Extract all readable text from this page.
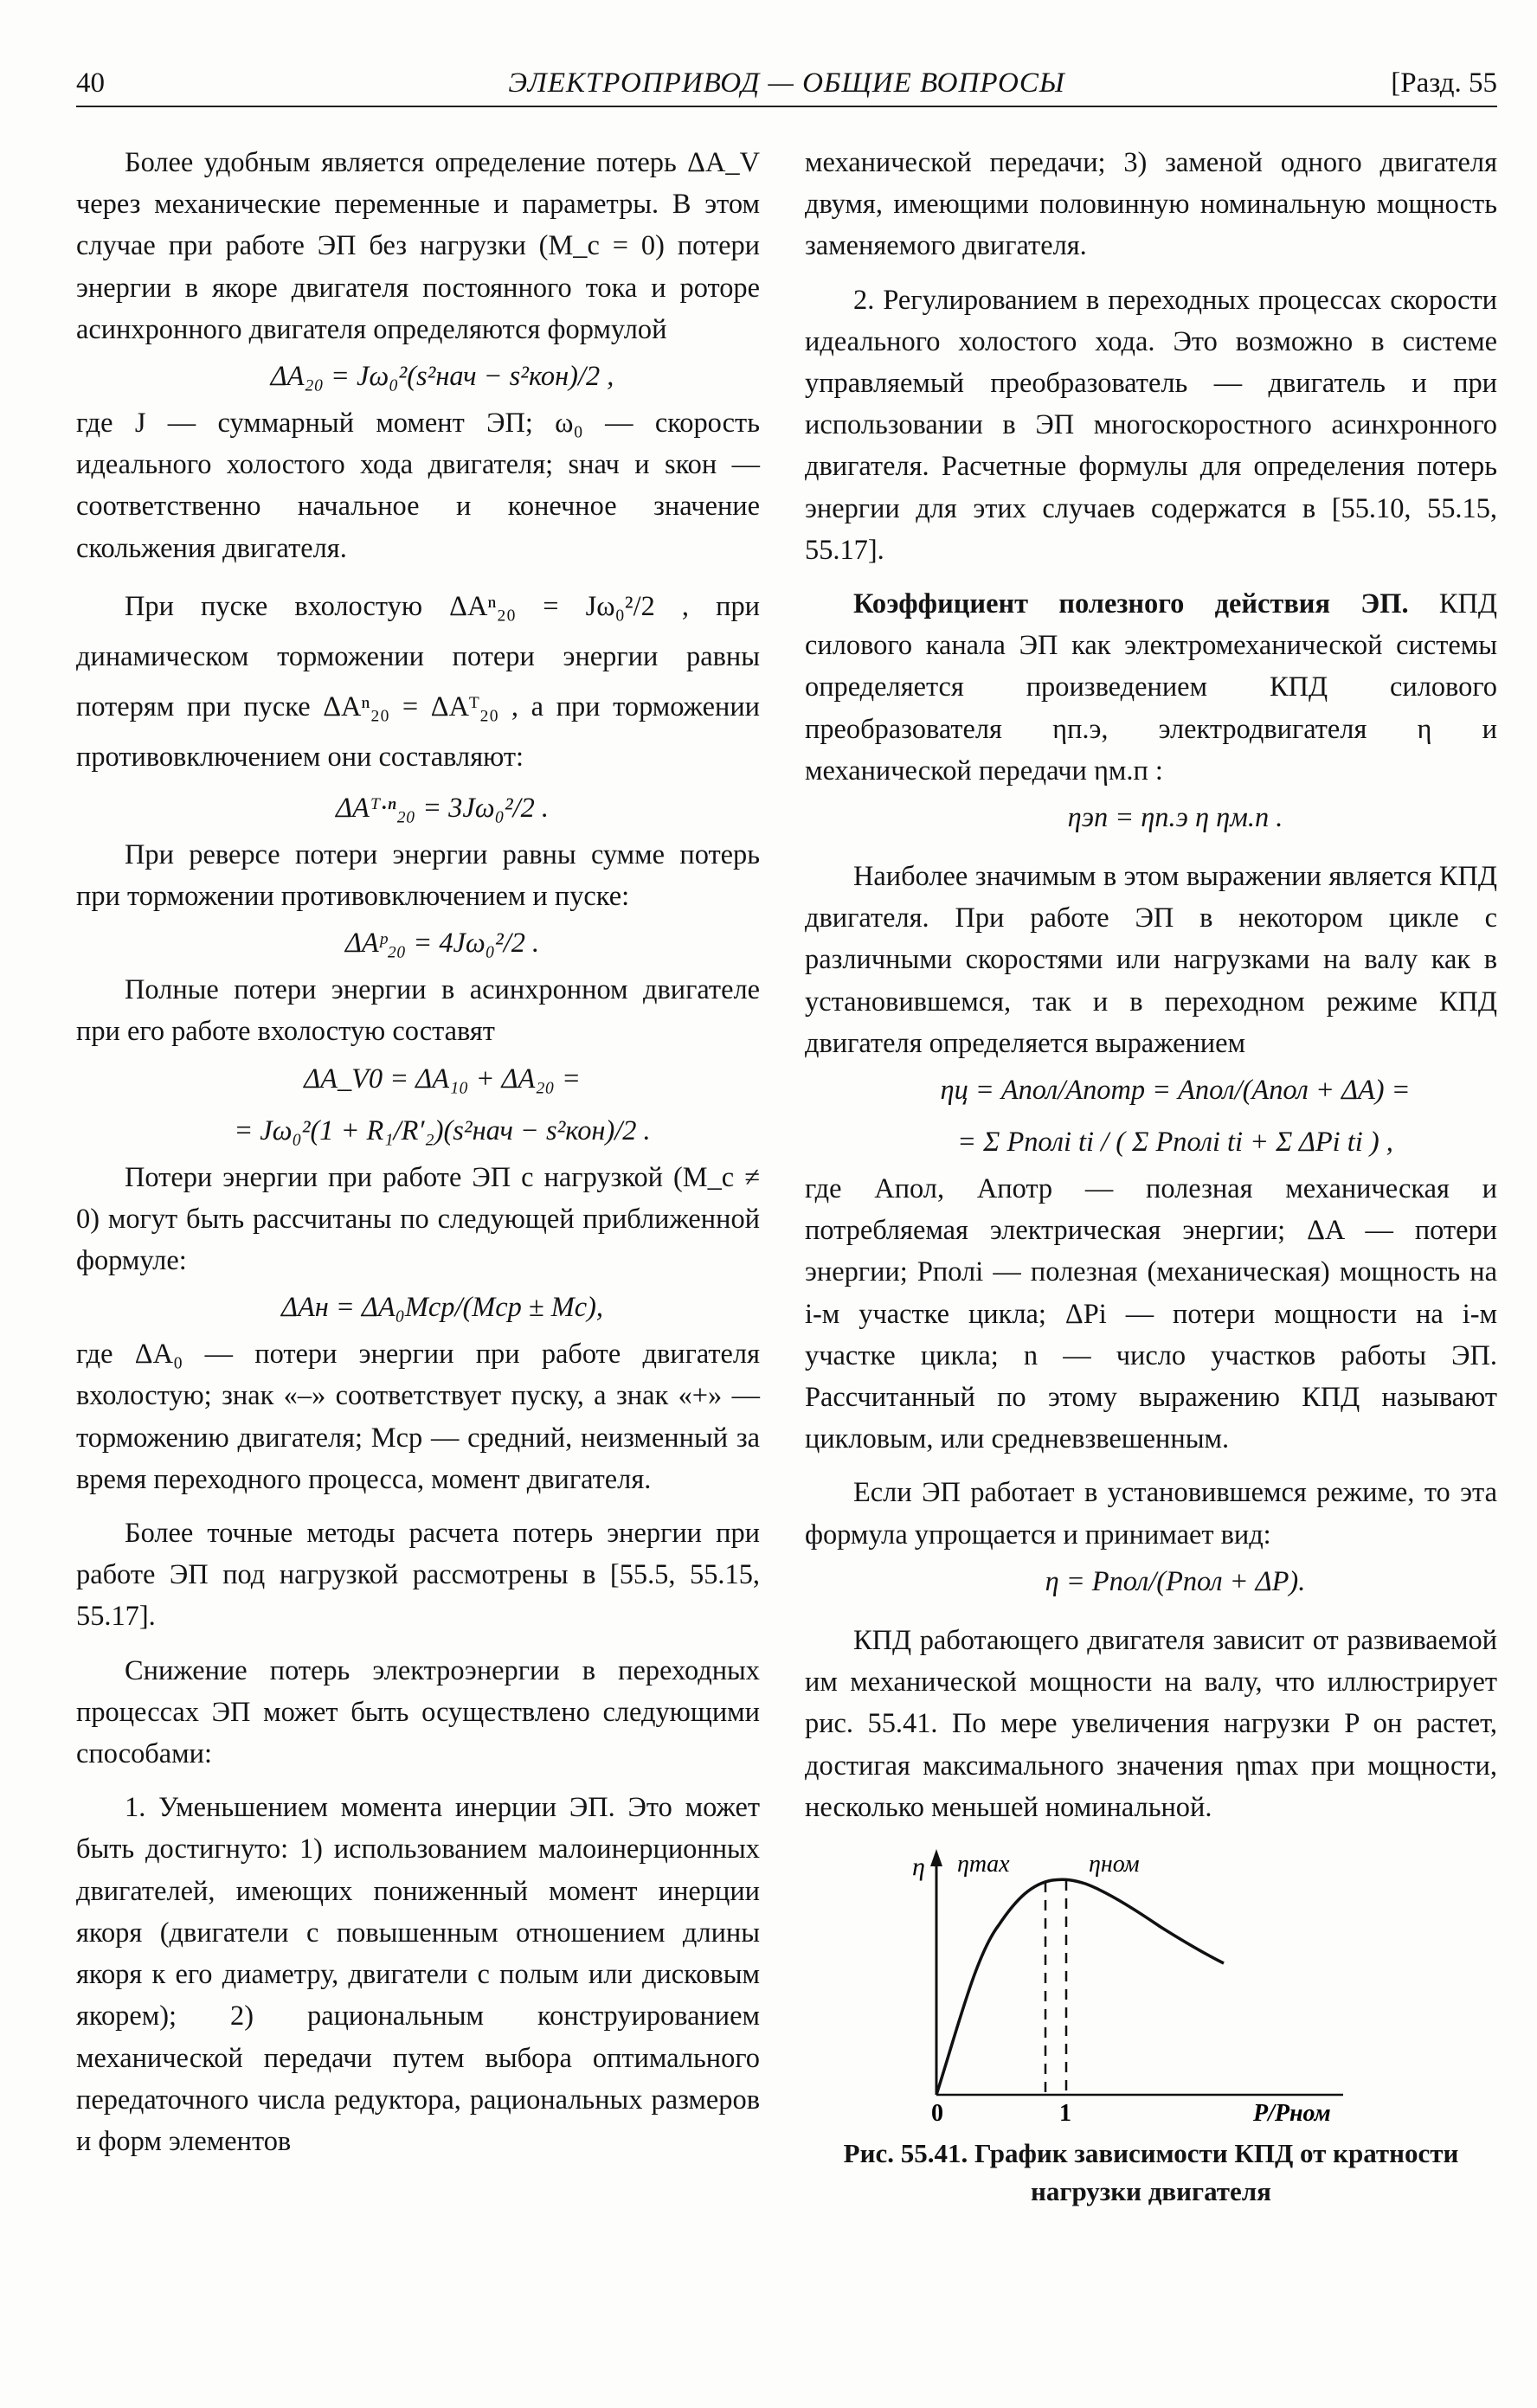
40	ЭЛЕКТРОПРИВОД — ОБЩИЕ ВОПРОСЫ	[Разд. 55

Более удобным является определение потерь ΔA_V через механические переменные и параметры. В этом случае при работе ЭП без нагрузки (M_c = 0) потери энергии в якоре двигателя постоянного тока и роторе асинхронного двигателя определяются формулой

ΔA₂₀ = Jω₀²(s²нач − s²кон)/2 ,

где J — суммарный момент ЭП; ω₀ — скорость идеального холостого хода двигателя; sнач и sкон — соответственно начальное и конечное значение скольжения двигателя.

При пуске вхолостую ΔAⁿ₂₀ = Jω₀²/2 , при динамическом торможении потери энергии равны потерям при пуске ΔAⁿ₂₀ = ΔAᵀ₂₀ , а при торможении противовключением они составляют:

ΔAᵀ·ⁿ₂₀ = 3Jω₀²/2 .

При реверсе потери энергии равны сумме потерь при торможении противовключением и пуске:

ΔAᵖ₂₀ = 4Jω₀²/2 .

Полные потери энергии в асинхронном двигателе при его работе вхолостую составят

ΔA_V0 = ΔA₁₀ + ΔA₂₀ =

= Jω₀²(1 + R₁/R′₂)(s²нач − s²кон)/2 .

Потери энергии при работе ЭП с нагрузкой (M_c ≠ 0) могут быть рассчитаны по следующей приближенной формуле:

ΔAн = ΔA₀Mср/(Mср ± Mс),

где ΔA₀ — потери энергии при работе двигателя вхолостую; знак «–» соответствует пуску, а знак «+» — торможению двигателя; Mср — средний, неизменный за время переходного процесса, момент двигателя.

Более точные методы расчета потерь энергии при работе ЭП под нагрузкой рассмотрены в [55.5, 55.15, 55.17].

Снижение потерь электроэнергии в переходных процессах ЭП может быть осуществлено следующими способами:

1. Уменьшением момента инерции ЭП. Это может быть достигнуто: 1) использованием малоинерционных двигателей, имеющих пониженный момент инерции якоря (двигатели с повышенным отношением длины якоря к его диаметру, двигатели с полым или дисковым якорем); 2) рациональным конструированием механической передачи путем выбора оптимального передаточного числа редуктора, рациональных размеров и форм элементов

механической передачи; 3) заменой одного двигателя двумя, имеющими половинную номинальную мощность заменяемого двигателя.

2. Регулированием в переходных процессах скорости идеального холостого хода. Это возможно в системе управляемый преобразователь — двигатель и при использовании в ЭП многоскоростного асинхронного двигателя. Расчетные формулы для определения потерь энергии для этих случаев содержатся в [55.10, 55.15, 55.17].

Коэффициент полезного действия ЭП. КПД силового канала ЭП как электромеханической системы определяется произведением КПД силового преобразователя ηп.э, электродвигателя η и механической передачи ηм.п :

ηэп = ηп.э η ηм.п .

Наиболее значимым в этом выражении является КПД двигателя. При работе ЭП в некотором цикле с различными скоростями или нагрузками на валу как в установившемся, так и в переходном режиме КПД двигателя определяется выражением

ηц = Aпол/Aпотр = Aпол/(Aпол + ΔA) =

= Σ Pполi ti / ( Σ Pполi ti + Σ ΔPi ti ) ,

где Aпол, Aпотр — полезная механическая и потребляемая электрическая энергии; ΔA — потери энергии; Pполi — полезная (механическая) мощность на i-м участке цикла; ΔPi — потери мощности на i-м участке цикла; n — число участков работы ЭП. Рассчитанный по этому выражению КПД называют цикловым, или средневзвешенным.

Если ЭП работает в установившемся режиме, то эта формула упрощается и принимает вид:

η = Pпол/(Pпол + ΔP).

КПД работающего двигателя зависит от развиваемой им механической мощности на валу, что иллюстрирует рис. 55.41. По мере увеличения нагрузки P он растет, достигая максимального значения ηmax при мощности, несколько меньшей номинальной.

η ηmax	ηном
0	1	P/Pном
Рис. 55.41. График зависимости КПД от кратности нагрузки двигателя
